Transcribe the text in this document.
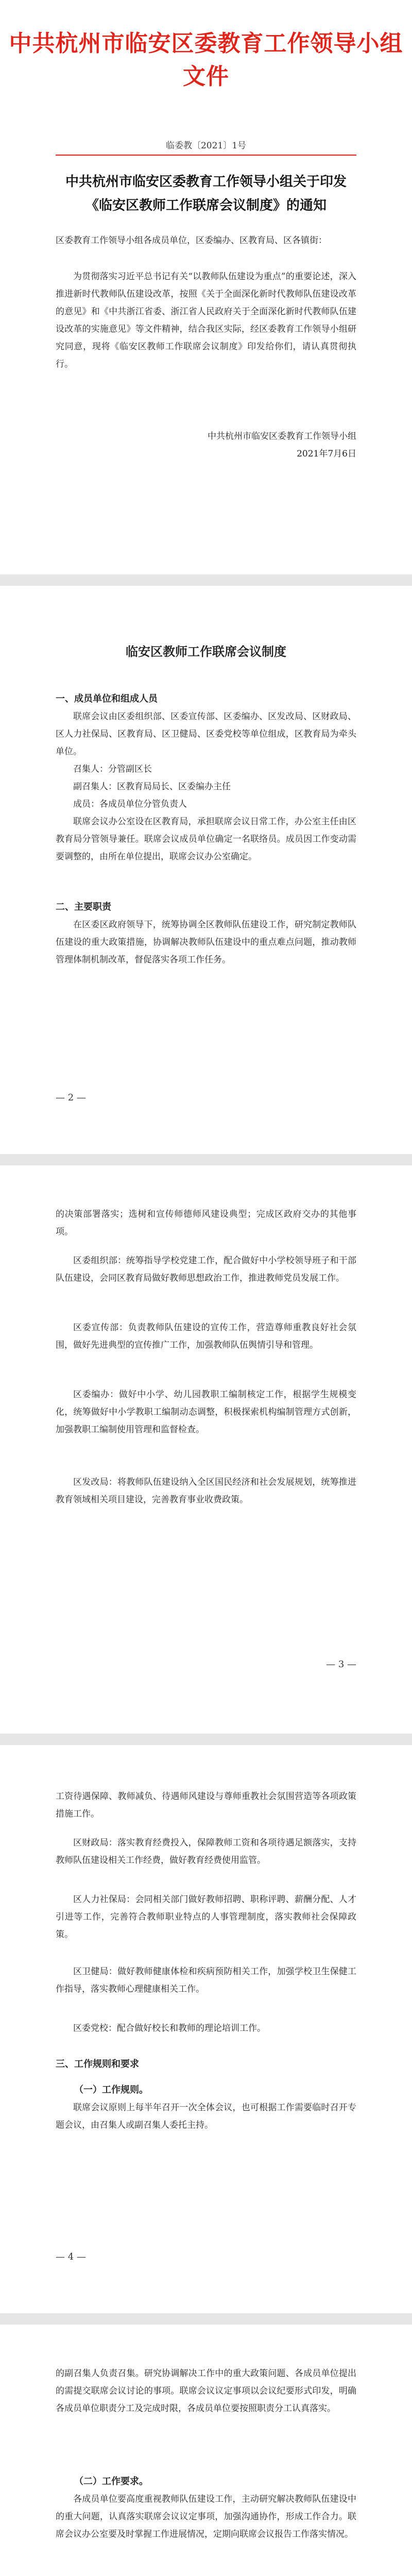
中共杭州市临安区委教育工作领导小组文件
临委教〔2021〕1号
中共杭州市临安区委教育工作领导小组关于印发
《临安区教师工作联席会议制度》的通知
区委教育工作领导小组各成员单位，区委编办、区教育局、区各镇街：
为贯彻落实习近平总书记有关“以教师队伍建设为重点”的重要论述，深入推进新时代教师队伍建设改革，按照《关于全面深化新时代教师队伍建设改革的意见》和《中共浙江省委、浙江省人民政府关于全面深化新时代教师队伍建设改革的实施意见》等文件精神，结合我区实际，经区委教育工作领导小组研究同意，现将《临安区教师工作联席会议制度》印发给你们，请认真贯彻执行。
中共杭州市临安区委教育工作领导小组
2021年7月6日
临安区教师工作联席会议制度
一、成员单位和组成人员
联席会议由区委组织部、区委宣传部、区委编办、区发改局、区财政局、区人力社保局、区教育局、区卫健局、区委党校等单位组成，区教育局为牵头单位。
召集人：分管副区长
副召集人：区教育局局长、区委编办主任
成员：各成员单位分管负责人
联席会议办公室设在区教育局，承担联席会议日常工作，办公室主任由区教育局分管领导兼任。联席会议成员单位确定一名联络员。成员因工作变动需要调整的，由所在单位提出，联席会议办公室确定。
二、主要职责
在区委区政府领导下，统筹协调全区教师队伍建设工作，研究制定教师队伍建设的重大政策措施，协调解决教师队伍建设中的重点难点问题，推动教师管理体制机制改革，督促落实各项工作任务。
— 2 —
的决策部署落实；选树和宣传师德师风建设典型；完成区政府交办的其他事项。
区委组织部：统筹指导学校党建工作，配合做好中小学校领导班子和干部队伍建设，会同区教育局做好教师思想政治工作，推进教师党员发展工作。
区委宣传部：负责教师队伍建设的宣传工作，营造尊师重教良好社会氛围，做好先进典型的宣传推广工作，加强教师队伍舆情引导和管理。
区委编办：做好中小学、幼儿园教职工编制核定工作，根据学生规模变化，统筹做好中小学教职工编制动态调整，积极探索机构编制管理方式创新，加强教职工编制使用管理和监督检查。
区发改局：将教师队伍建设纳入全区国民经济和社会发展规划，统筹推进教育领域相关项目建设，完善教育事业收费政策。
— 3 —
工资待遇保障、教师减负、待遇师风建设与尊师重教社会氛围营造等各项政策措施工作。
区财政局：落实教育经费投入，保障教师工资和各项待遇足额落实，支持教师队伍建设相关工作经费，做好教育经费使用监管。
区人力社保局：会同相关部门做好教师招聘、职称评聘、薪酬分配、人才引进等工作，完善符合教师职业特点的人事管理制度，落实教师社会保障政策。
区卫健局：做好教师健康体检和疾病预防相关工作，加强学校卫生保健工作指导，落实教师心理健康相关工作。
区委党校：配合做好校长和教师的理论培训工作。
三、工作规则和要求
（一）工作规则。
联席会议原则上每半年召开一次全体会议，也可根据工作需要临时召开专题会议，由召集人或副召集人委托主持。
— 4 —
的副召集人负责召集。研究协调解决工作中的重大政策问题、各成员单位提出的需提交联席会议讨论的事项。联席会议议定事项以会议纪要形式印发，明确各成员单位职责分工及完成时限，各成员单位要按照职责分工认真落实。
（二）工作要求。
各成员单位要高度重视教师队伍建设工作，主动研究解决教师队伍建设中的重大问题，认真落实联席会议议定事项，加强沟通协作，形成工作合力。联席会议办公室要及时掌握工作进展情况，定期向联席会议报告工作落实情况。
